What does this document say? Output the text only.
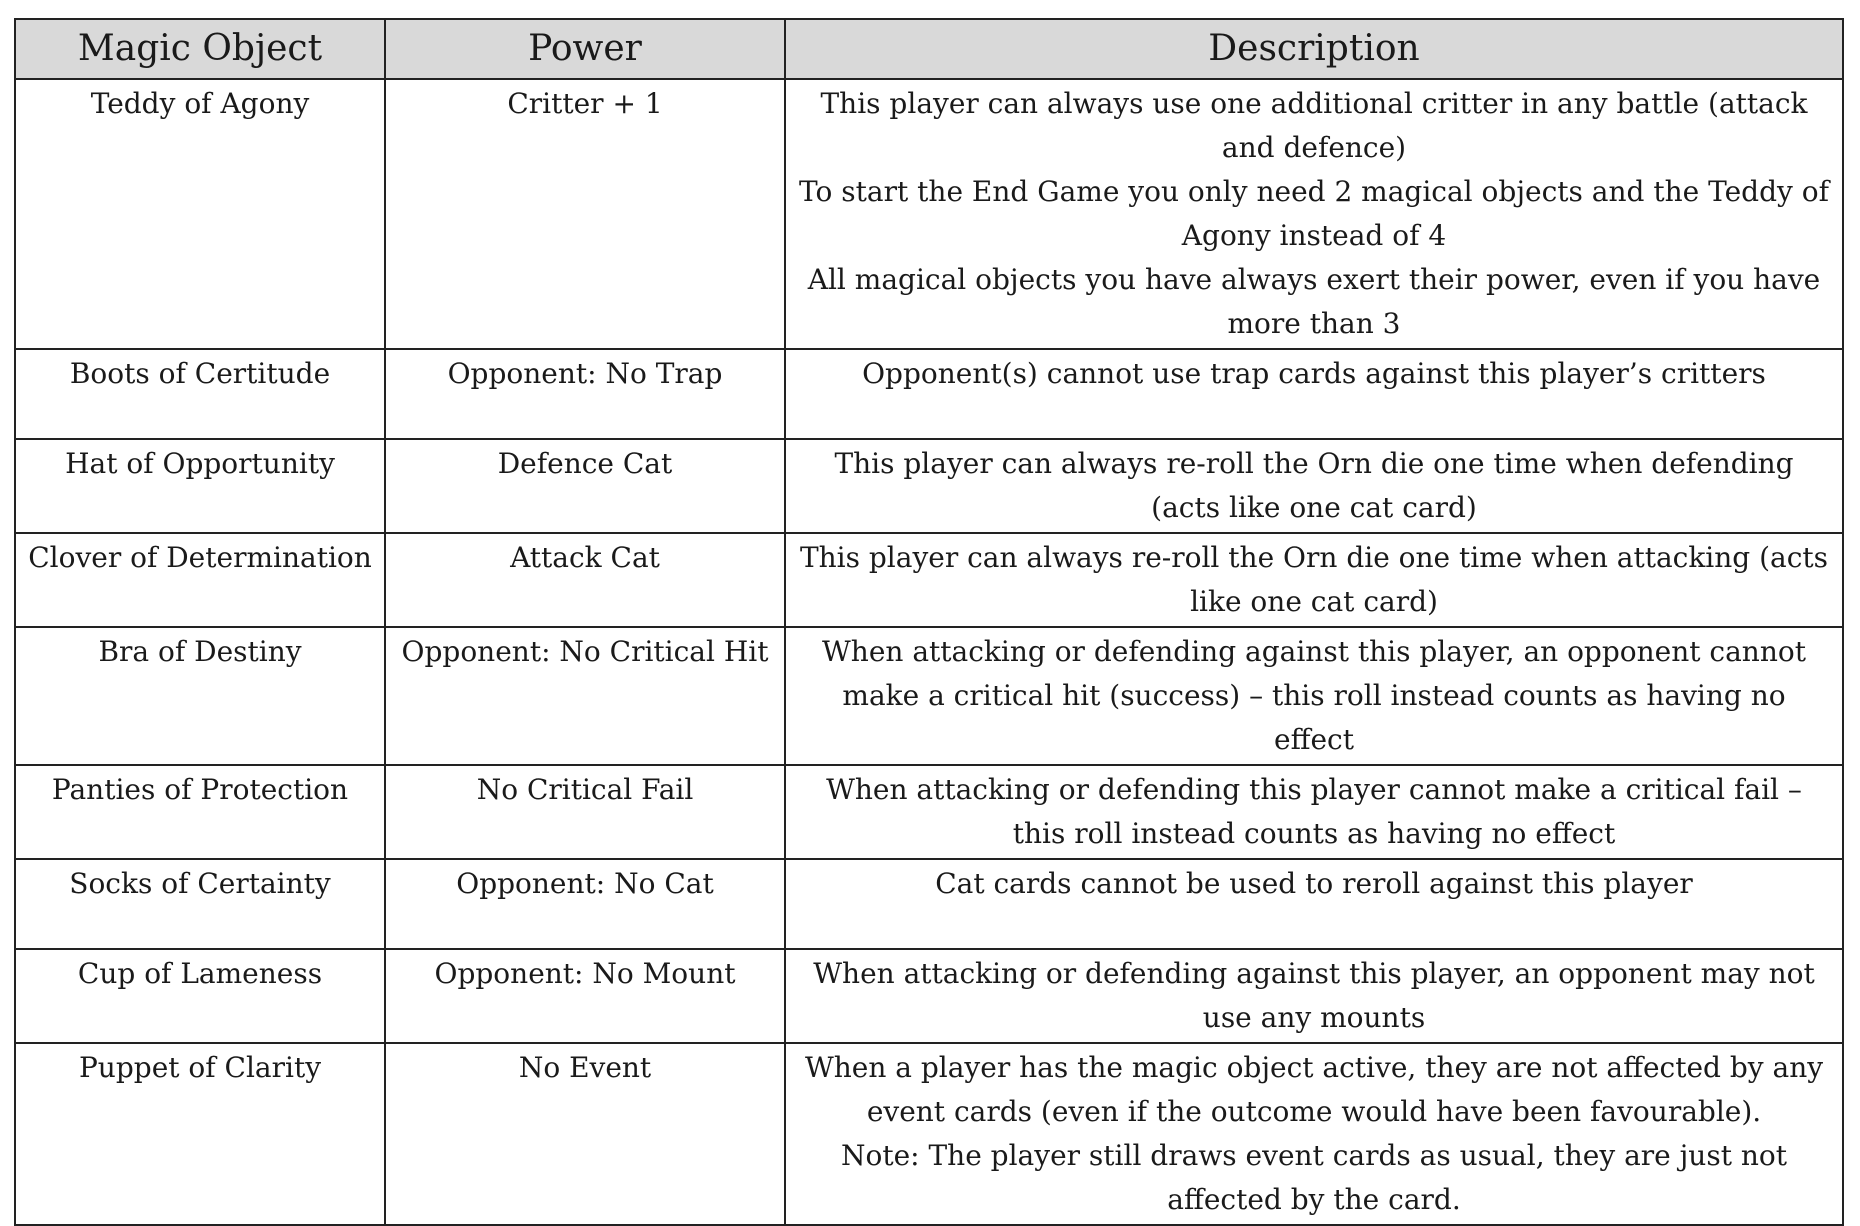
Magic Object	Power	Description
Teddy of Agony	Critter + 1	This player can always use one additional critter in any battle (attack and defence)
To start the End Game you only need 2 magical objects and the Teddy of Agony instead of 4
All magical objects you have always exert their power, even if you have more than 3

Boots of Certitude	Opponent: No Trap	Opponent(s) cannot use trap cards against this player’s critters

Hat of Opportunity	Defence Cat	This player can always re-roll the Orn die one time when defending (acts like one cat card)

Clover of Determination	Attack Cat	This player can always re-roll the Orn die one time when attacking (acts like one cat card)

Bra of Destiny	Opponent: No Critical Hit	When attacking or defending against this player, an opponent cannot make a critical hit (success) – this roll instead counts as having no effect

Panties of Protection	No Critical Fail	When attacking or defending this player cannot make a critical fail – this roll instead counts as having no effect

Socks of Certainty	Opponent: No Cat	Cat cards cannot be used to reroll against this player

Cup of Lameness	Opponent: No Mount	When attacking or defending against this player, an opponent may not use any mounts

Puppet of Clarity	No Event	When a player has the magic object active, they are not affected by any event cards (even if the outcome would have been favourable).
Note: The player still draws event cards as usual, they are just not affected by the card.
